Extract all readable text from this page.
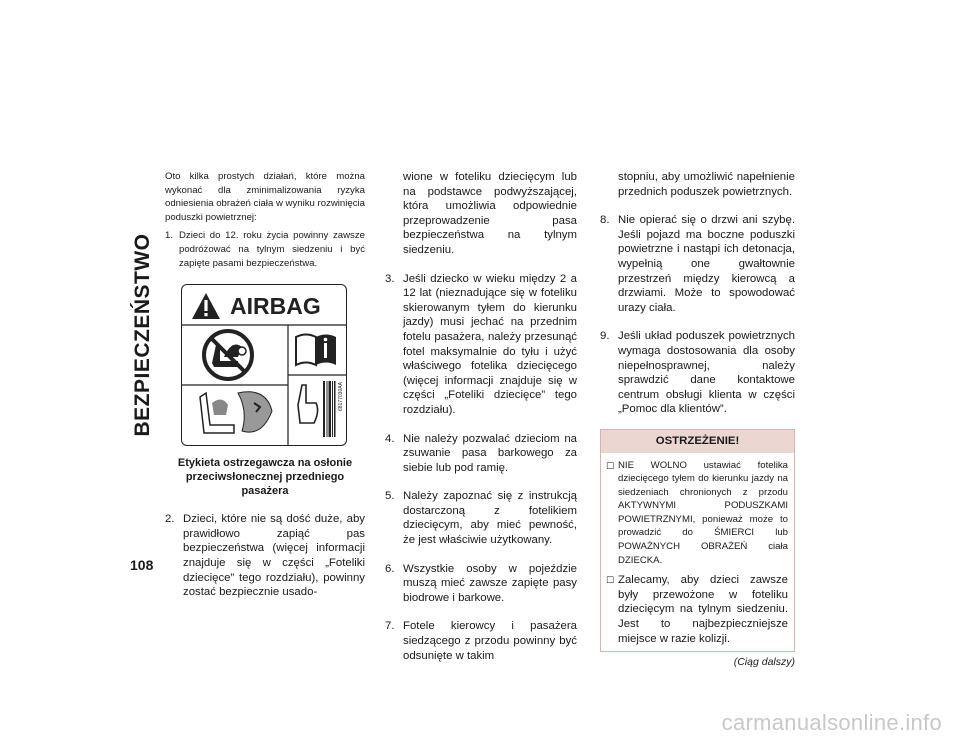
BEZPIECZEŃSTWO
108

Oto kilka prostych działań, które można wykonać dla zminimalizowania ryzyka odniesienia obrażeń ciała w wyniku rozwinięcia poduszki powietrznej:

1. Dzieci do 12. roku życia powinny zawsze podróżować na tylnym siedzeniu i być zapięte pasami bezpieczeństwa.
AIRBAG
68177030AA
Etykieta ostrzegawcza na osłonie przeciwsłonecznej przedniego pasażera
2. Dzieci, które nie są dość duże, aby prawidłowo zapiąć pas bezpieczeństwa (więcej informacji znajduje się w części „Foteliki dziecięce” tego rozdziału), powinny zostać bezpiecznie usado-

wione w foteliku dziecięcym lub na podstawce podwyższającej, która umożliwia odpowiednie przeprowadzenie pasa bezpieczeństwa na tylnym siedzeniu.

3. Jeśli dziecko w wieku między 2 a 12 lat (nieznadujące się w foteliku skierowanym tyłem do kierunku jazdy) musi jechać na przednim fotelu pasażera, należy przesunąć fotel maksymalnie do tyłu i użyć właściwego fotelika dziecięcego (więcej informacji znajduje się w części „Foteliki dziecięce” tego rozdziału).
4. Nie należy pozwalać dzieciom na zsuwanie pasa barkowego za siebie lub pod ramię.
5. Należy zapoznać się z instrukcją dostarczoną z fotelikiem dziecięcym, aby mieć pewność, że jest właściwie użytkowany.
6. Wszystkie osoby w pojeździe muszą mieć zawsze zapięte pasy biodrowe i barkowe.
7. Fotele kierowcy i pasażera siedzącego z przodu powinny być odsunięte w takim

stopniu, aby umożliwić napełnienie przednich poduszek powietrznych.

8. Nie opierać się o drzwi ani szybę. Jeśli pojazd ma boczne poduszki powietrzne i nastąpi ich detonacja, wypełnią one gwałtownie przestrzeń między kierowcą a drzwiami. Może to spowodować urazy ciała.
9. Jeśli układ poduszek powietrznych wymaga dostosowania dla osoby niepełnosprawnej, należy sprawdzić dane kontaktowe centrum obsługi klienta w części „Pomoc dla klientów”.
OSTRZEŻENIE!
☐ NIE WOLNO ustawiać fotelika dziecięcego tyłem do kierunku jazdy na siedzeniach chronionych z przodu AKTYWNYMI PODUSZKAMI POWIETRZNYMI, ponieważ może to prowadzić do ŚMIERCI lub POWAŻNYCH OBRAŻEŃ ciała DZIECKA.
☐ Zalecamy, aby dzieci zawsze były przewożone w foteliku dziecięcym na tylnym siedzeniu. Jest to najbezpieczniejsze miejsce w razie kolizji.
(Ciąg dalszy)
carmanualsonline.info
